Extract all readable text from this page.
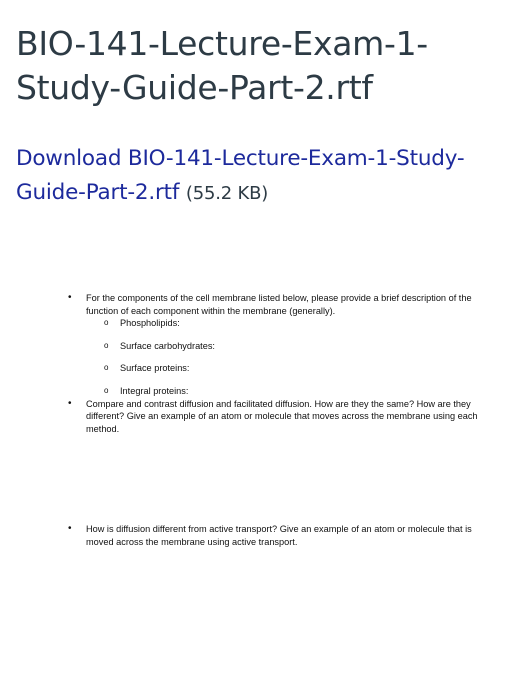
BIO-141-Lecture-Exam-1-Study-Guide-Part-2.rtf
Download BIO-141-Lecture-Exam-1-Study-Guide-Part-2.rtf (55.2 KB)
• For the components of the cell membrane listed below, please provide a brief description of the function of each component within the membrane (generally).
o Phospholipids:
o Surface carbohydrates:
o Surface proteins:
o Integral proteins:
• Compare and contrast diffusion and facilitated diffusion. How are they the same? How are they different? Give an example of an atom or molecule that moves across the membrane using each method.
• How is diffusion different from active transport? Give an example of an atom or molecule that is moved across the membrane using active transport.
